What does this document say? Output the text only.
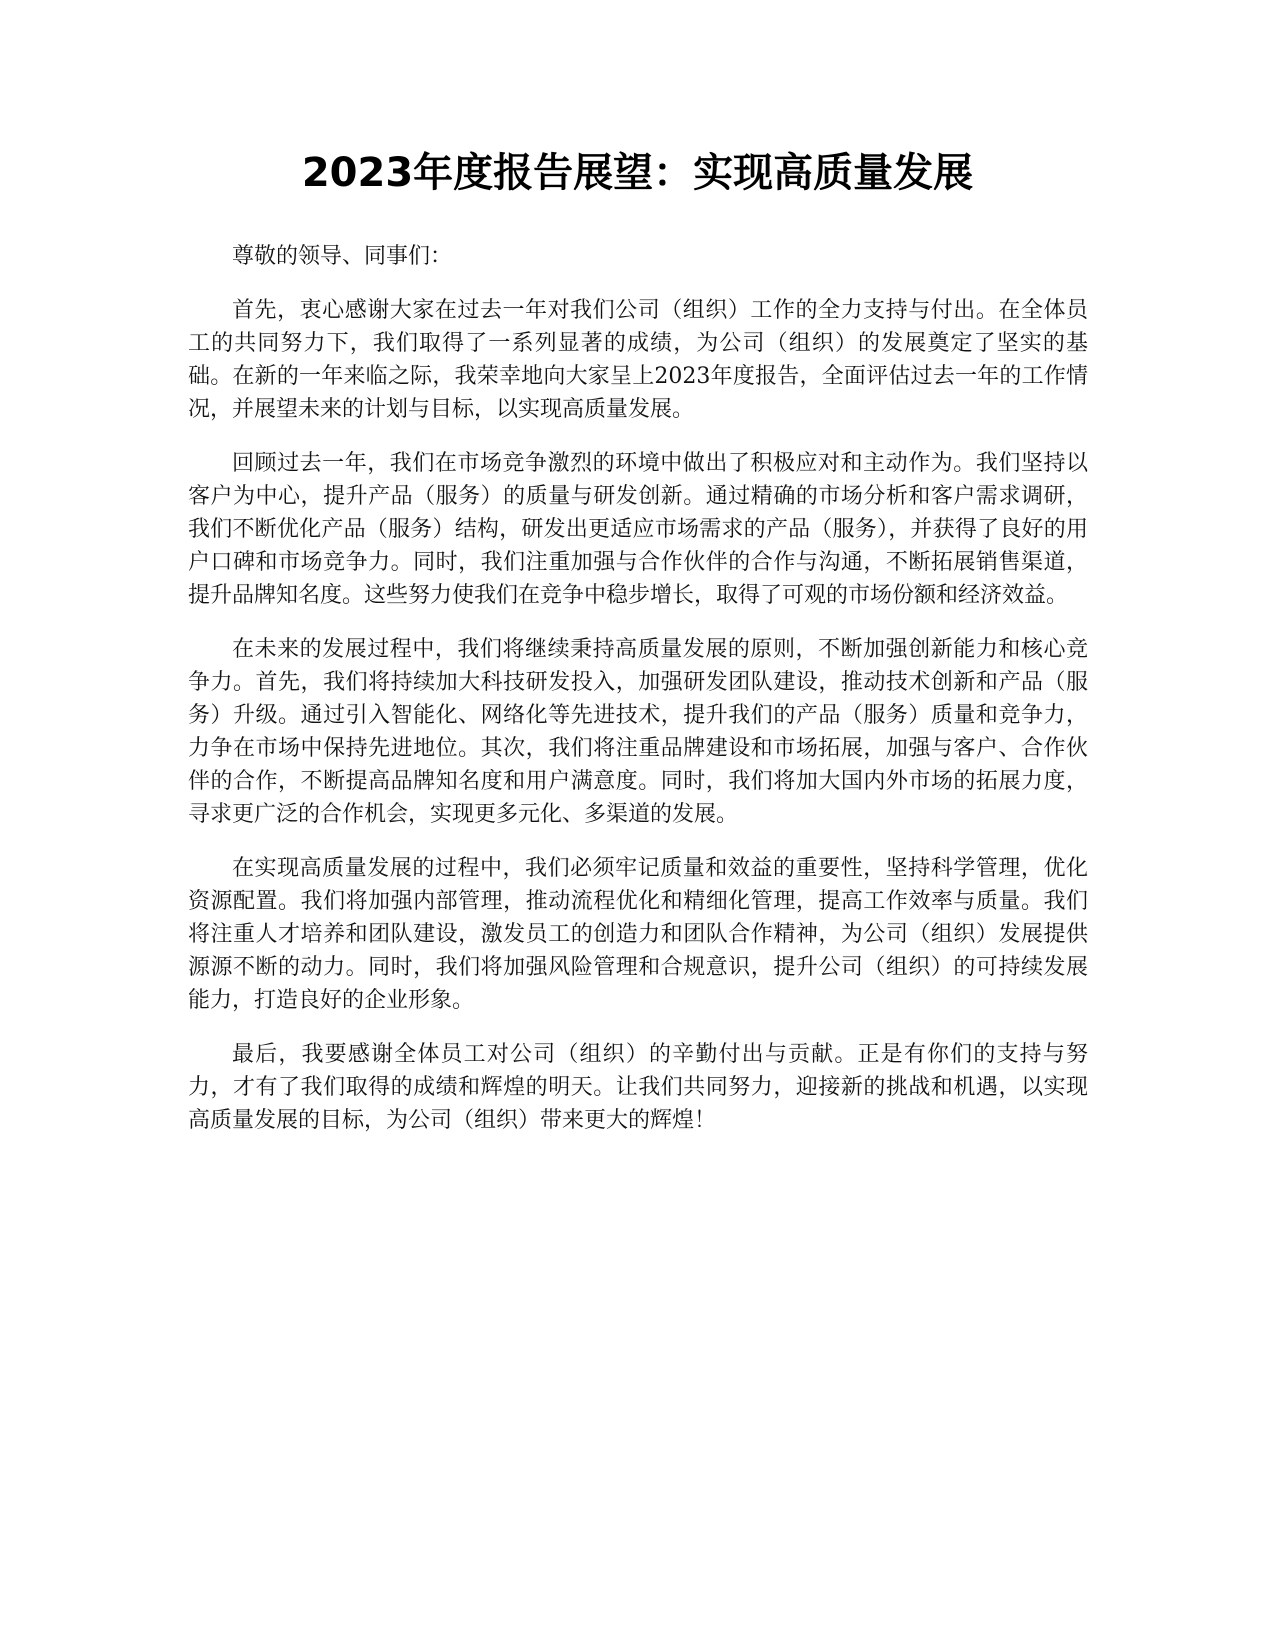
2023年度报告展望：实现高质量发展

尊敬的领导、同事们：

首先，衷心感谢大家在过去一年对我们公司（组织）工作的全力支持与付出。在全体员工的共同努力下，我们取得了一系列显著的成绩，为公司（组织）的发展奠定了坚实的基础。在新的一年来临之际，我荣幸地向大家呈上2023年度报告，全面评估过去一年的工作情况，并展望未来的计划与目标，以实现高质量发展。

回顾过去一年，我们在市场竞争激烈的环境中做出了积极应对和主动作为。我们坚持以客户为中心，提升产品（服务）的质量与研发创新。通过精确的市场分析和客户需求调研，我们不断优化产品（服务）结构，研发出更适应市场需求的产品（服务），并获得了良好的用户口碑和市场竞争力。同时，我们注重加强与合作伙伴的合作与沟通，不断拓展销售渠道，提升品牌知名度。这些努力使我们在竞争中稳步增长，取得了可观的市场份额和经济效益。

在未来的发展过程中，我们将继续秉持高质量发展的原则，不断加强创新能力和核心竞争力。首先，我们将持续加大科技研发投入，加强研发团队建设，推动技术创新和产品（服务）升级。通过引入智能化、网络化等先进技术，提升我们的产品（服务）质量和竞争力，力争在市场中保持先进地位。其次，我们将注重品牌建设和市场拓展，加强与客户、合作伙伴的合作，不断提高品牌知名度和用户满意度。同时，我们将加大国内外市场的拓展力度，寻求更广泛的合作机会，实现更多元化、多渠道的发展。

在实现高质量发展的过程中，我们必须牢记质量和效益的重要性，坚持科学管理，优化资源配置。我们将加强内部管理，推动流程优化和精细化管理，提高工作效率与质量。我们将注重人才培养和团队建设，激发员工的创造力和团队合作精神，为公司（组织）发展提供源源不断的动力。同时，我们将加强风险管理和合规意识，提升公司（组织）的可持续发展能力，打造良好的企业形象。

最后，我要感谢全体员工对公司（组织）的辛勤付出与贡献。正是有你们的支持与努力，才有了我们取得的成绩和辉煌的明天。让我们共同努力，迎接新的挑战和机遇，以实现高质量发展的目标，为公司（组织）带来更大的辉煌！
